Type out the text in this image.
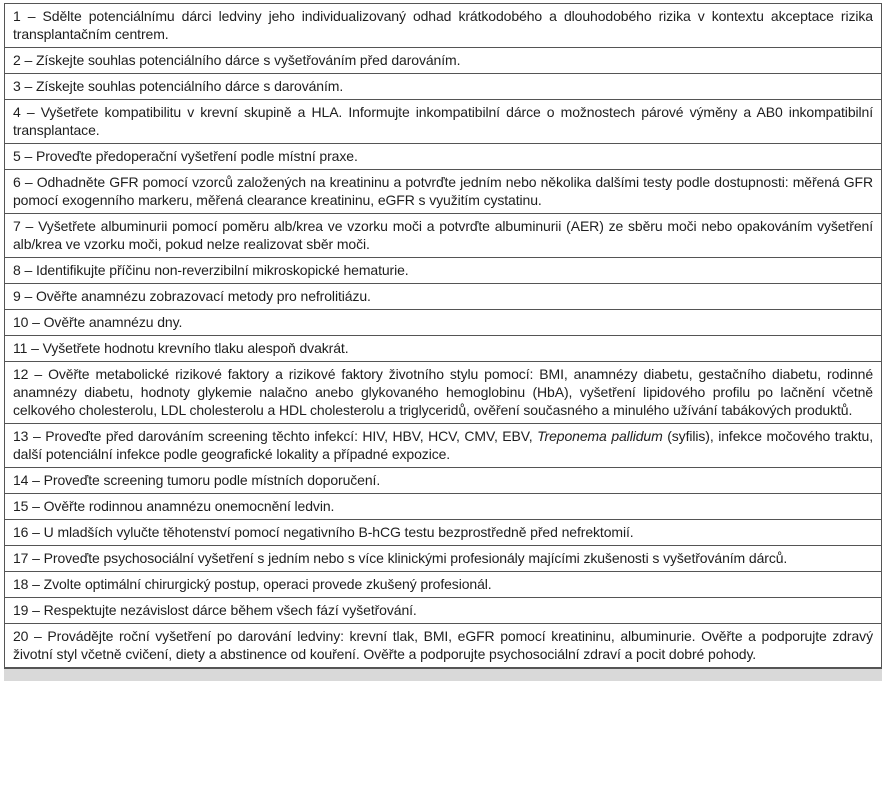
1 – Sdělte potenciálnímu dárci ledviny jeho individualizovaný odhad krátkodobého a dlouhodobého rizika v kontextu akceptace rizika transplantačním centrem.
2 – Získejte souhlas potenciálního dárce s vyšetřováním před darováním.
3 – Získejte souhlas potenciálního dárce s darováním.
4 – Vyšetřete kompatibilitu v krevní skupině a HLA. Informujte inkompatibilní dárce o možnostech párové výměny a AB0 inkompatibilní transplantace.
5 – Proveďte předoperační vyšetření podle místní praxe.
6 – Odhadněte GFR pomocí vzorců založených na kreatininu a potvrďte jedním nebo několika dalšími testy podle dostupnosti: měřená GFR pomocí exogenního markeru, měřená clearance kreatininu, eGFR s využitím cystatinu.
7 – Vyšetřete albuminurii pomocí poměru alb/krea ve vzorku moči a potvrďte albuminurii (AER) ze sběru moči nebo opakováním vyšetření alb/krea ve vzorku moči, pokud nelze realizovat sběr moči.
8 – Identifikujte příčinu non-reverzibilní mikroskopické hematurie.
9 – Ověřte anamnézu zobrazovací metody pro nefrolitiázu.
10 – Ověřte anamnézu dny.
11 – Vyšetřete hodnotu krevního tlaku alespoň dvakrát.
12 – Ověřte metabolické rizikové faktory a rizikové faktory životního stylu pomocí: BMI, anamnézy diabetu, gestačního diabetu, rodinné anamnézy diabetu, hodnoty glykemie nalačno anebo glykovaného hemoglobinu (HbA), vyšetření lipidového profilu po lačnění včetně celkového cholesterolu, LDL cholesterolu a HDL cholesterolu a triglyceridů, ověření současného a minulého užívání tabákových produktů.
13 – Proveďte před darováním screening těchto infekcí: HIV, HBV, HCV, CMV, EBV, Treponema pallidum (syfilis), infekce močového traktu, další potenciální infekce podle geografické lokality a případné expozice.
14 – Proveďte screening tumoru podle místních doporučení.
15 – Ověřte rodinnou anamnézu onemocnění ledvin.
16 – U mladších vylučte těhotenství pomocí negativního B-hCG testu bezprostředně před nefrektomií.
17 – Proveďte psychosociální vyšetření s jedním nebo s více klinickými profesionály majícími zkušenosti s vyšetřováním dárců.
18 – Zvolte optimální chirurgický postup, operaci provede zkušený profesionál.
19 – Respektujte nezávislost dárce během všech fází vyšetřování.
20 – Provádějte roční vyšetření po darování ledviny: krevní tlak, BMI, eGFR pomocí kreatininu, albuminurie. Ověřte a podporujte zdravý životní styl včetně cvičení, diety a abstinence od kouření. Ověřte a podporujte psychosociální zdraví a pocit dobré pohody.
